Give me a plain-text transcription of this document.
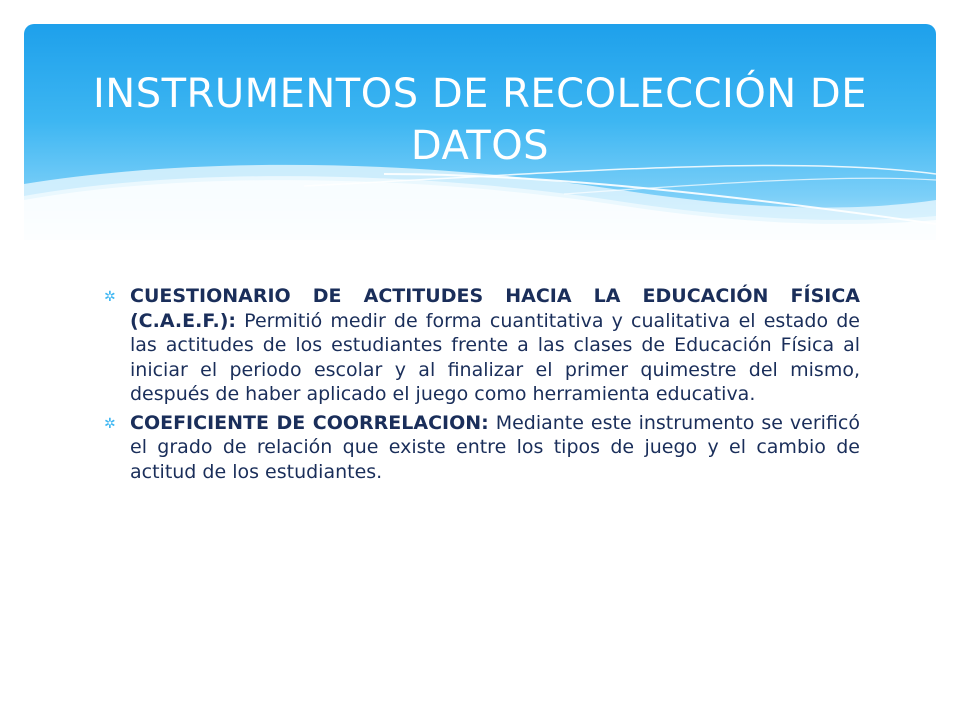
INSTRUMENTOS DE RECOLECCIÓN DE DATOS
✲ CUESTIONARIO DE ACTITUDES HACIA LA EDUCACIÓN FÍSICA (C.A.E.F.): Permitió medir de forma cuantitativa y cualitativa el estado de las actitudes de los estudiantes frente a las clases de Educación Física al iniciar el periodo escolar y al finalizar el primer quimestre del mismo, después de haber aplicado el juego como herramienta educativa.
✲ COEFICIENTE DE COORRELACION: Mediante este instrumento se verificó el grado de relación que existe entre los tipos de juego y el cambio de actitud de los estudiantes.
